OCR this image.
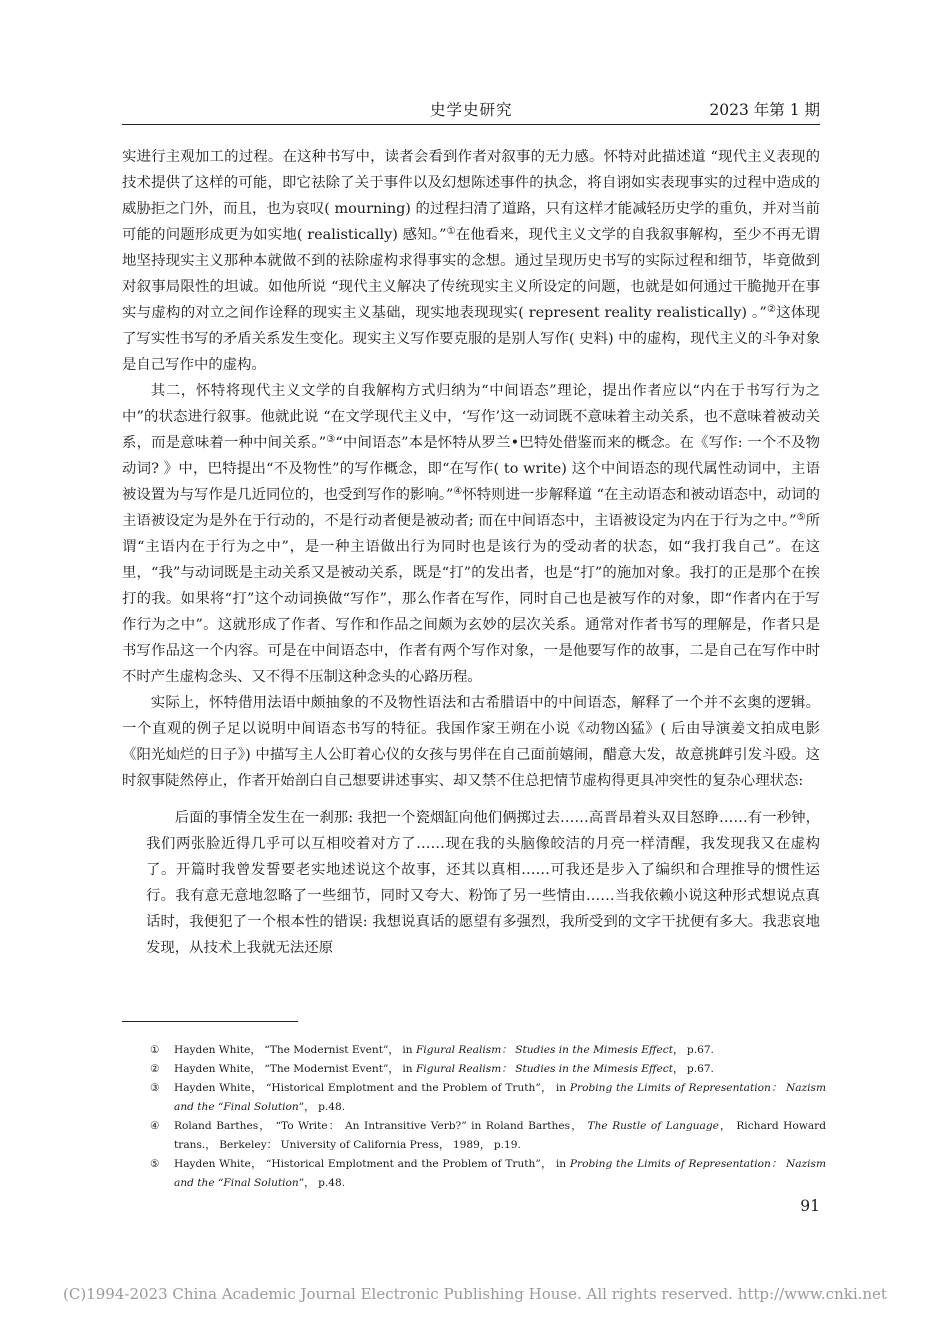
史学史研究	2023 年第 1 期

实进行主观加工的过程。在这种书写中，读者会看到作者对叙事的无力感。怀特对此描述道 “现代主义表现的技术提供了这样的可能，即它祛除了关于事件以及幻想陈述事件的执念，将自诩如实表现事实的过程中造成的威胁拒之门外，而且，也为哀叹( mourning) 的过程扫清了道路，只有这样才能减轻历史学的重负，并对当前可能的问题形成更为如实地( realistically) 感知。”①在他看来，现代主义文学的自我叙事解构，至少不再无谓地坚持现实主义那种本就做不到的祛除虚构求得事实的念想。通过呈现历史书写的实际过程和细节，毕竟做到对叙事局限性的坦诚。如他所说 “现代主义解决了传统现实主义所设定的问题，也就是如何通过干脆抛开在事实与虚构的对立之间作诠释的现实主义基础，现实地表现现实( represent reality realistically) 。”②这体现了写实性书写的矛盾关系发生变化。现实主义写作要克服的是别人写作( 史料) 中的虚构，现代主义的斗争对象是自己写作中的虚构。

其二，怀特将现代主义文学的自我解构方式归纳为“中间语态”理论，提出作者应以“内在于书写行为之中”的状态进行叙事。他就此说 “在文学现代主义中，‘写作’这一动词既不意味着主动关系，也不意味着被动关系，而是意味着一种中间关系。”③“中间语态”本是怀特从罗兰•巴特处借鉴而来的概念。在《写作: 一个不及物动词? 》中，巴特提出“不及物性”的写作概念，即“在写作( to write) 这个中间语态的现代属性动词中，主语被设置为与写作是几近同位的，也受到写作的影响。”④怀特则进一步解释道 “在主动语态和被动语态中，动词的主语被设定为是外在于行动的，不是行动者便是被动者; 而在中间语态中，主语被设定为内在于行为之中。”⑤所谓“主语内在于行为之中”，是一种主语做出行为同时也是该行为的受动者的状态，如“我打我自己”。在这里，“我”与动词既是主动关系又是被动关系，既是“打”的发出者，也是“打”的施加对象。我打的正是那个在挨打的我。如果将“打”这个动词换做“写作”，那么作者在写作，同时自己也是被写作的对象，即“作者内在于写作行为之中”。这就形成了作者、写作和作品之间颇为玄妙的层次关系。通常对作者书写的理解是，作者只是书写作品这一个内容。可是在中间语态中，作者有两个写作对象，一是他要写作的故事，二是自己在写作中时不时产生虚构念头、又不得不压制这种念头的心路历程。

实际上，怀特借用法语中颇抽象的不及物性语法和古希腊语中的中间语态，解释了一个并不玄奥的逻辑。一个直观的例子足以说明中间语态书写的特征。我国作家王朔在小说《动物凶猛》( 后由导演姜文拍成电影《阳光灿烂的日子》) 中描写主人公盯着心仪的女孩与男伴在自己面前嬉闹，醋意大发，故意挑衅引发斗殴。这时叙事陡然停止，作者开始剖白自己想要讲述事实、却又禁不住总把情节虚构得更具冲突性的复杂心理状态:

后面的事情全发生在一刹那: 我把一个瓷烟缸向他们俩掷过去……高晋昂着头双目怒睁……有一秒钟，我们两张脸近得几乎可以互相咬着对方了……现在我的头脑像皎洁的月亮一样清醒，我发现我又在虚构了。开篇时我曾发誓要老实地述说这个故事，还其以真相……可我还是步入了编织和合理推导的惯性运行。我有意无意地忽略了一些细节，同时又夸大、粉饰了另一些情由……当我依赖小说这种形式想说点真话时，我便犯了一个根本性的错误: 我想说真话的愿望有多强烈，我所受到的文字干扰便有多大。我悲哀地发现，从技术上我就无法还原

① Hayden White， “The Modernist Event”， in Figural Realism： Studies in the Mimesis Effect， p.67.

② Hayden White， “The Modernist Event”， in Figural Realism： Studies in the Mimesis Effect， p.67.

③ Hayden White， “Historical Emplotment and the Problem of Truth”， in Probing the Limits of Representation： Nazism and the “Final Solution”， p.48.

④ Roland Barthes， “To Write： An Intransitive Verb?” in Roland Barthes， The Rustle of Language， Richard Howard trans.， Berkeley： University of California Press， 1989， p.19.

⑤ Hayden White， “Historical Emplotment and the Problem of Truth”， in Probing the Limits of Representation： Nazism and the “Final Solution”， p.48.

91
(C)1994-2023 China Academic Journal Electronic Publishing House. All rights reserved. http://www.cnki.net
